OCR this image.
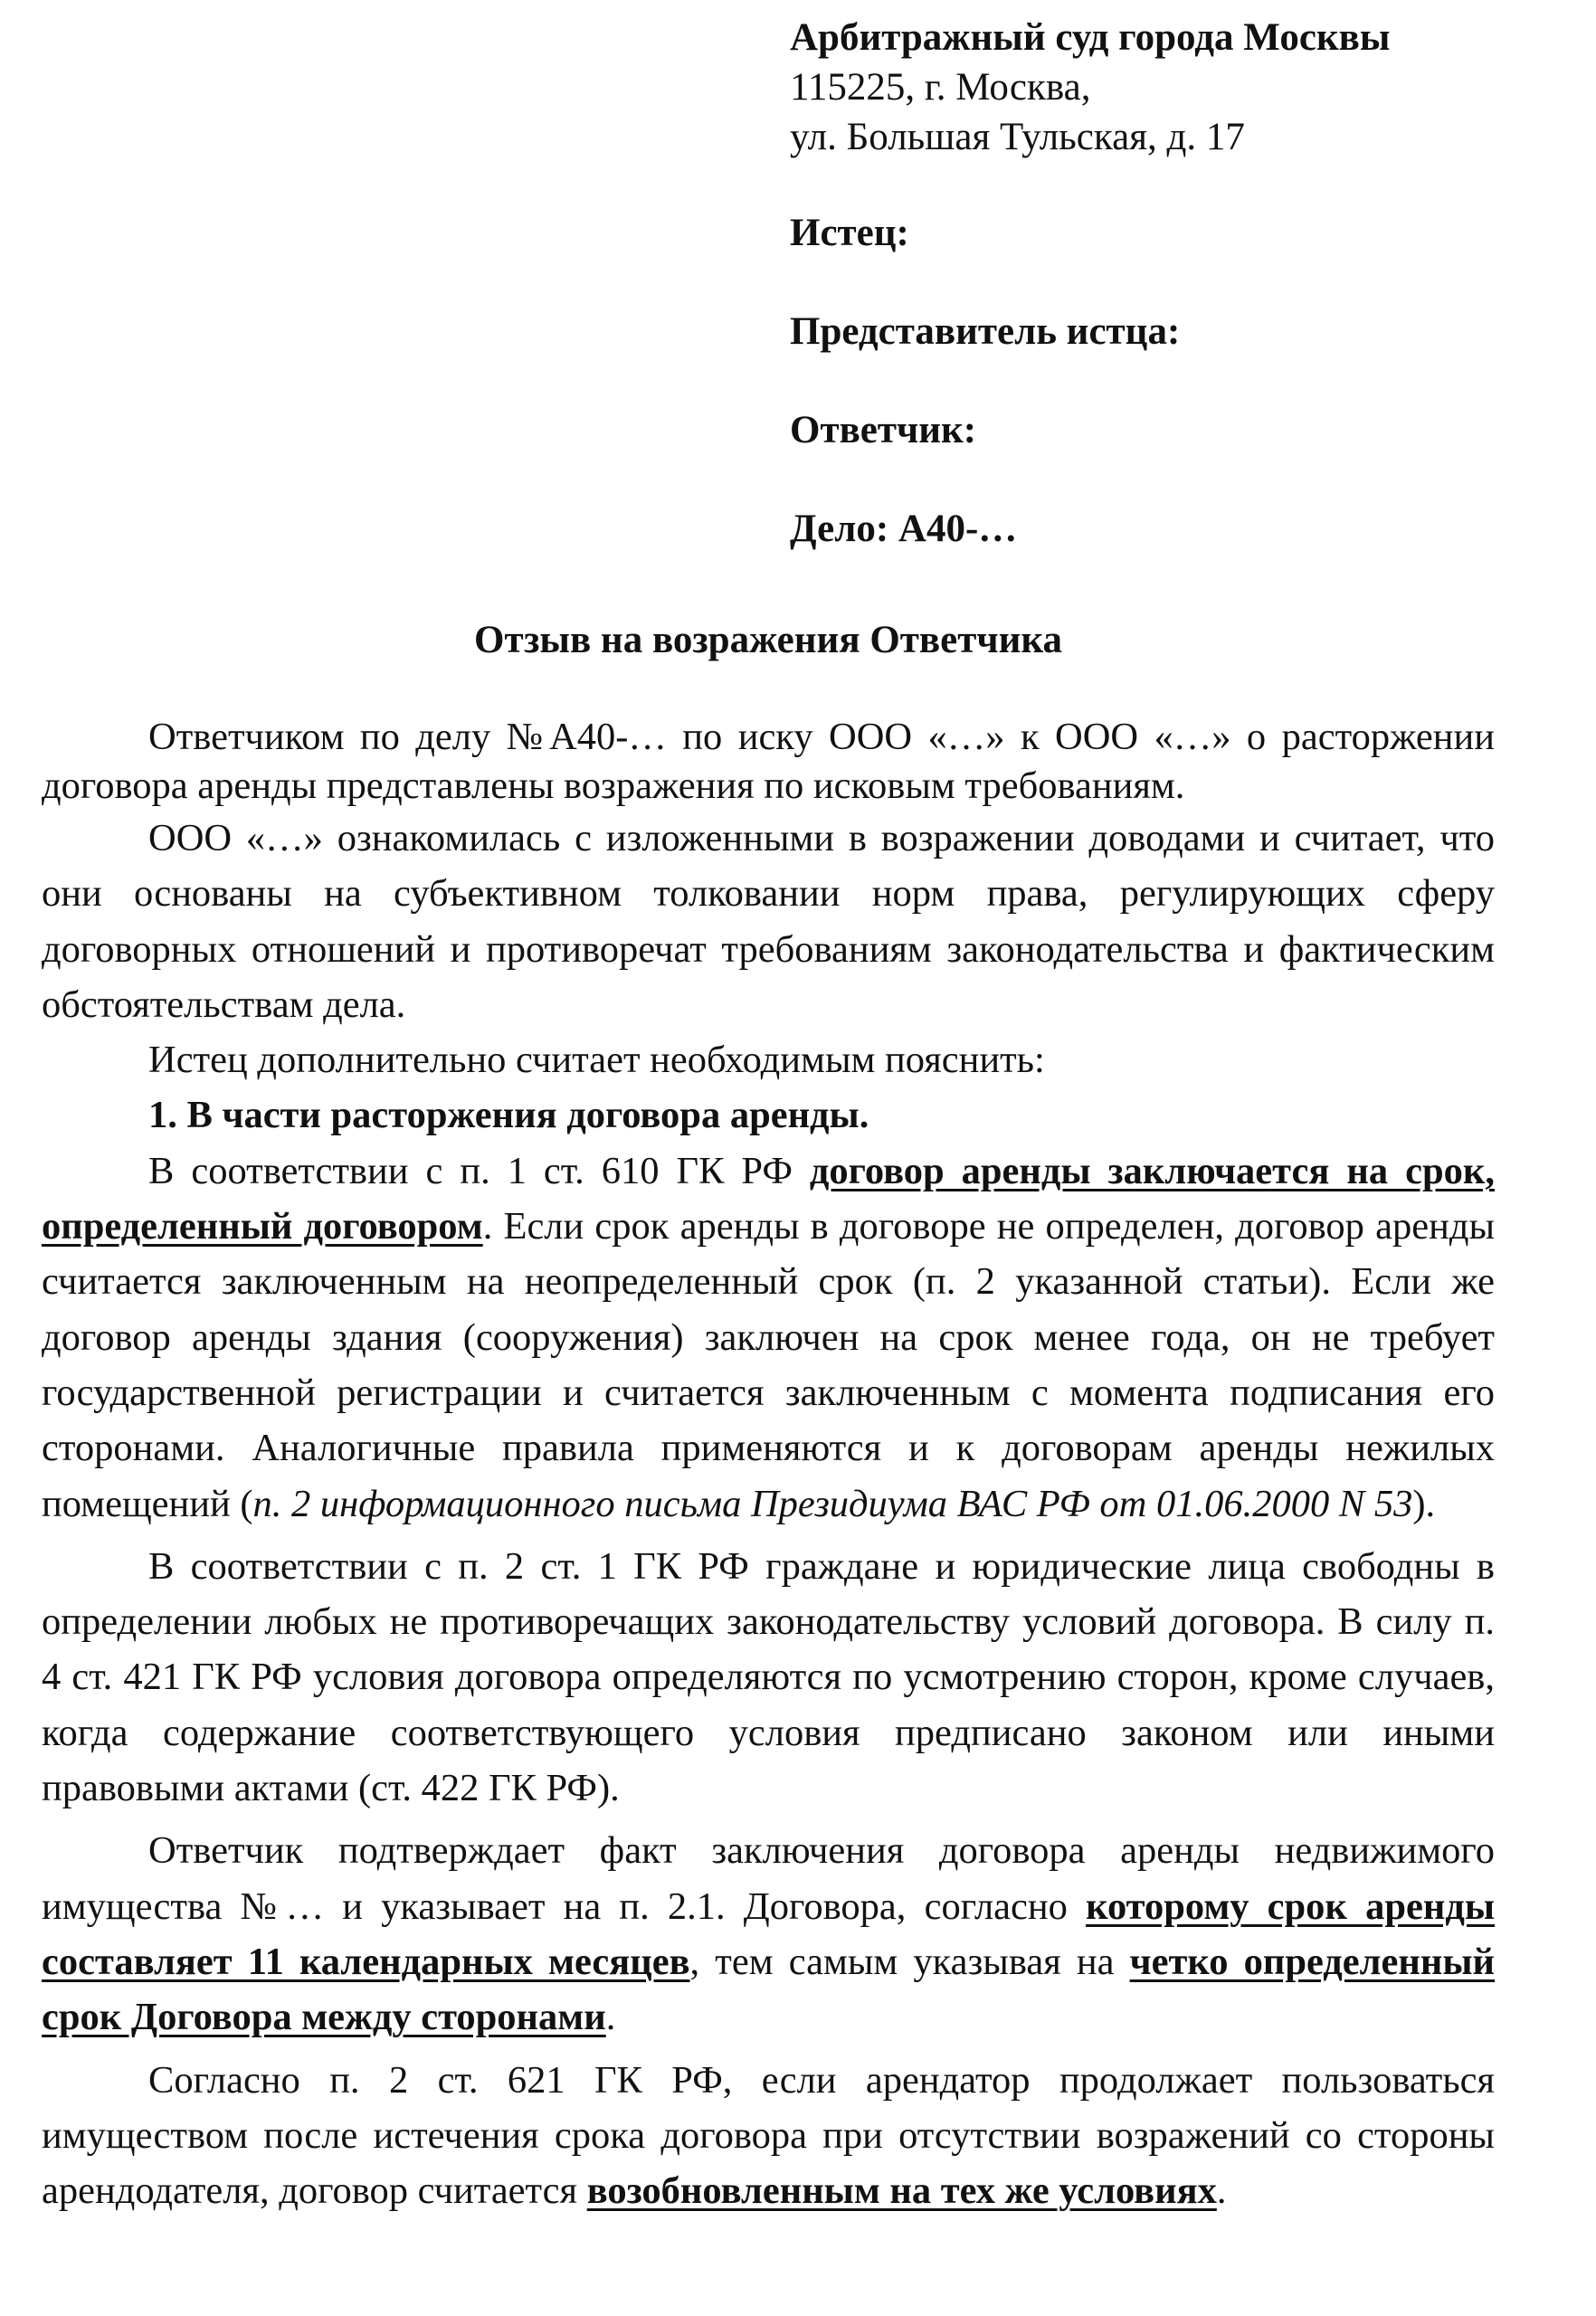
Арбитражный суд города Москвы
115225, г. Москва,
ул. Большая Тульская, д. 17
Истец:
Представитель истца:
Ответчик:
Дело: А40-…
Отзыв на возражения Ответчика

Ответчиком по делу №А40-… по иску ООО «…» к ООО «…» о расторжении договора аренды представлены возражения по исковым требованиям.

ООО «…» ознакомилась с изложенными в возражении доводами и считает, что они основаны на субъективном толковании норм права, регулирующих сферу договорных отношений и противоречат требованиям законодательства и фактическим обстоятельствам дела.

Истец дополнительно считает необходимым пояснить:

1. В части расторжения договора аренды.

В соответствии с п. 1 ст. 610 ГК РФ договор аренды заключается на срок, определенный договором. Если срок аренды в договоре не определен, договор аренды считается заключенным на неопределенный срок (п. 2 указанной статьи). Если же договор аренды здания (сооружения) заключен на срок менее года, он не требует государственной регистрации и считается заключенным с момента подписания его сторонами. Аналогичные правила применяются и к договорам аренды нежилых помещений (п. 2 информационного письма Президиума ВАС РФ от 01.06.2000 N 53).

В соответствии с п. 2 ст. 1 ГК РФ граждане и юридические лица свободны в определении любых не противоречащих законодательству условий договора. В силу п. 4 ст. 421 ГК РФ условия договора определяются по усмотрению сторон, кроме случаев, когда содержание соответствующего условия предписано законом или иными правовыми актами (ст. 422 ГК РФ).

Ответчик подтверждает факт заключения договора аренды недвижимого имущества №… и указывает на п. 2.1. Договора, согласно которому срок аренды составляет 11 календарных месяцев, тем самым указывая на четко определенный срок Договора между сторонами.

Согласно п. 2 ст. 621 ГК РФ, если арендатор продолжает пользоваться имуществом после истечения срока договора при отсутствии возражений со стороны арендодателя, договор считается возобновленным на тех же условиях.
